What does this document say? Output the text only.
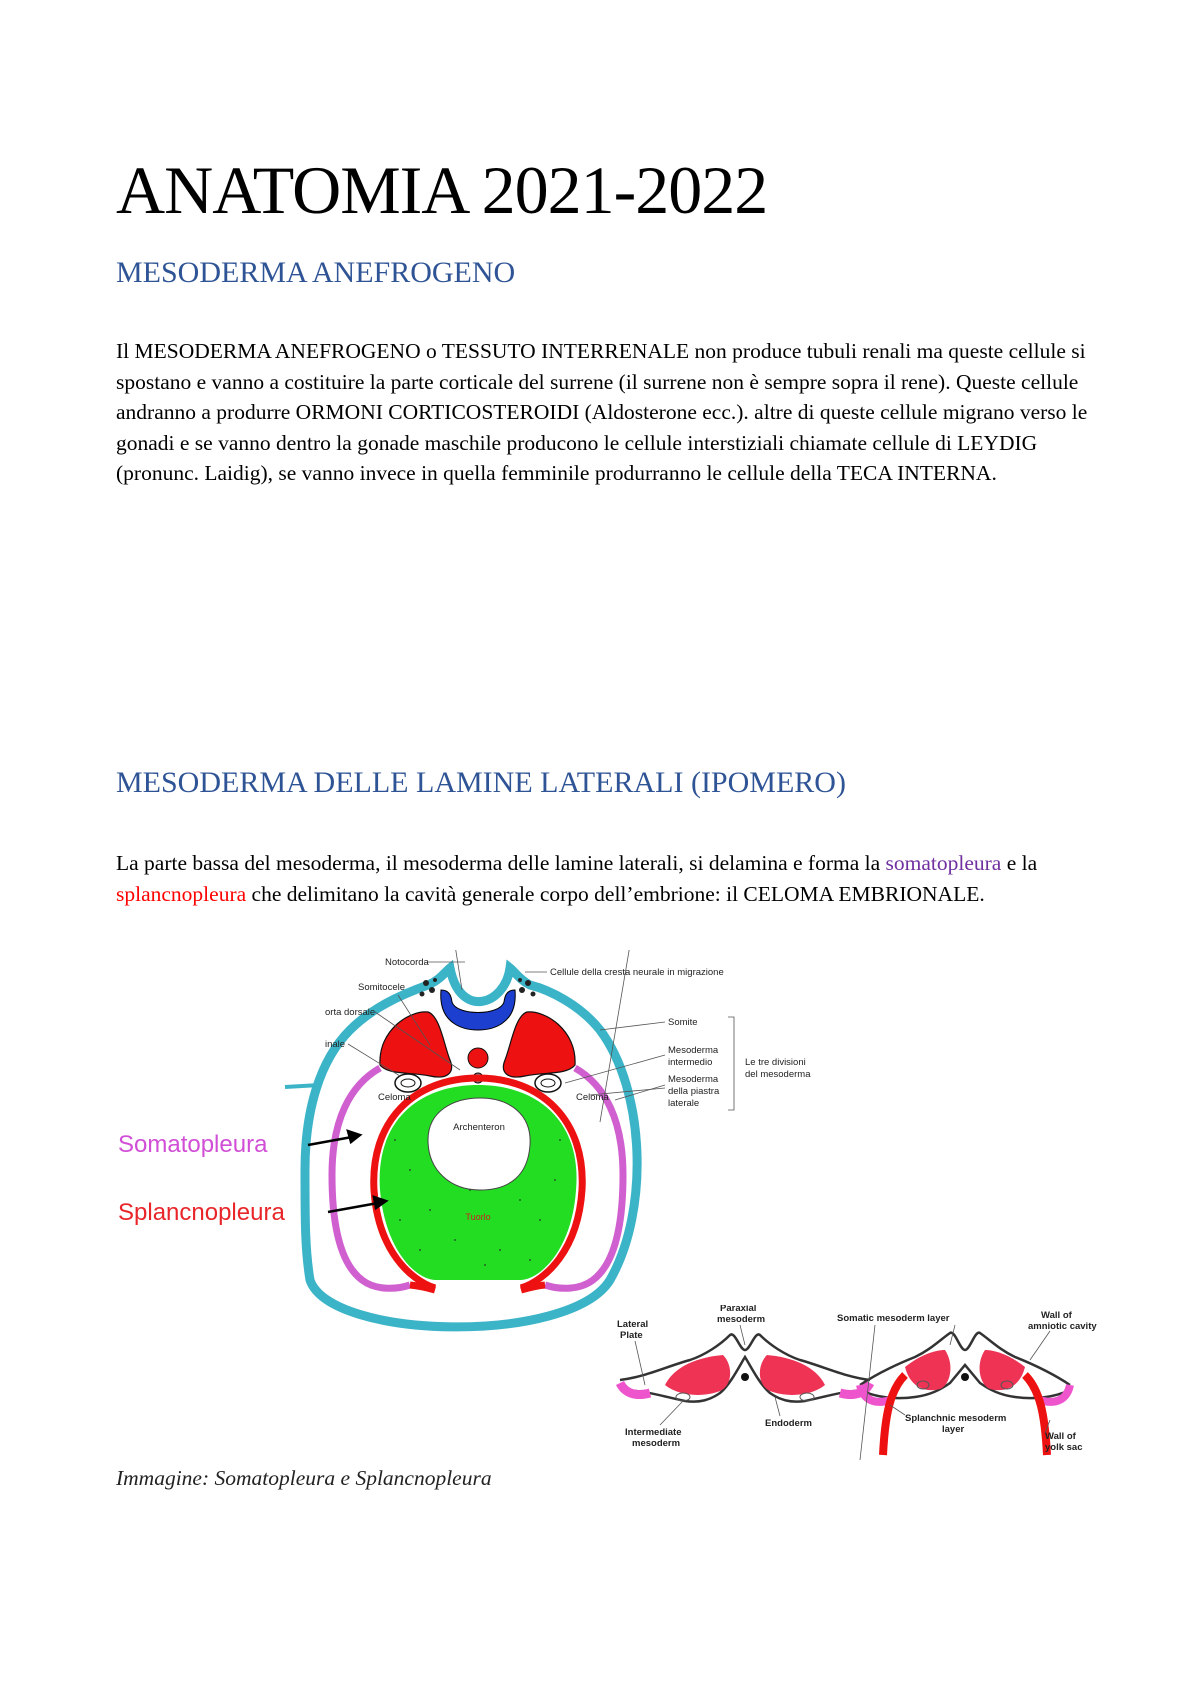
ANATOMIA 2021-2022
MESODERMA ANEFROGENO

Il MESODERMA ANEFROGENO o TESSUTO INTERRENALE non produce tubuli renali ma queste cellule si spostano e vanno a costituire la parte corticale del surrene (il surrene non è sempre sopra il rene). Queste cellule andranno a produrre ORMONI CORTICOSTEROIDI (Aldosterone ecc.). altre di queste cellule migrano verso le gonadi e se vanno dentro la gonade maschile producono le cellule interstiziali chiamate cellule di LEYDIG (pronunc. Laidig), se vanno invece in quella femminile produrranno le cellule della TECA INTERNA.

MESODERMA DELLE LAMINE LATERALI (IPOMERO)

La parte bassa del mesoderma, il mesoderma delle lamine laterali, si delamina e forma la somatopleura e la splancnopleura che delimitano la cavità generale corpo dell’embrione: il CELOMA EMBRIONALE.

Archenteron
Tuorlo
Notocorda
Somitocele
orta dorsale
inale
Celoma
Cellule della cresta neurale in migrazione
Somite
Mesoderma
intermedio
Mesoderma
della piastra
laterale
Le tre divisioni
del mesoderma
Celoma
Somatopleura
Splancnopleura
Paraxial
mesoderm
Lateral
Plate
Intermediate
mesoderm
Endoderm
Somatic mesoderm layer	Wall of
amniotic cavity
Splanchnic mesoderm
layer
Wall of
yolk sac

Immagine: Somatopleura e Splancnopleura
